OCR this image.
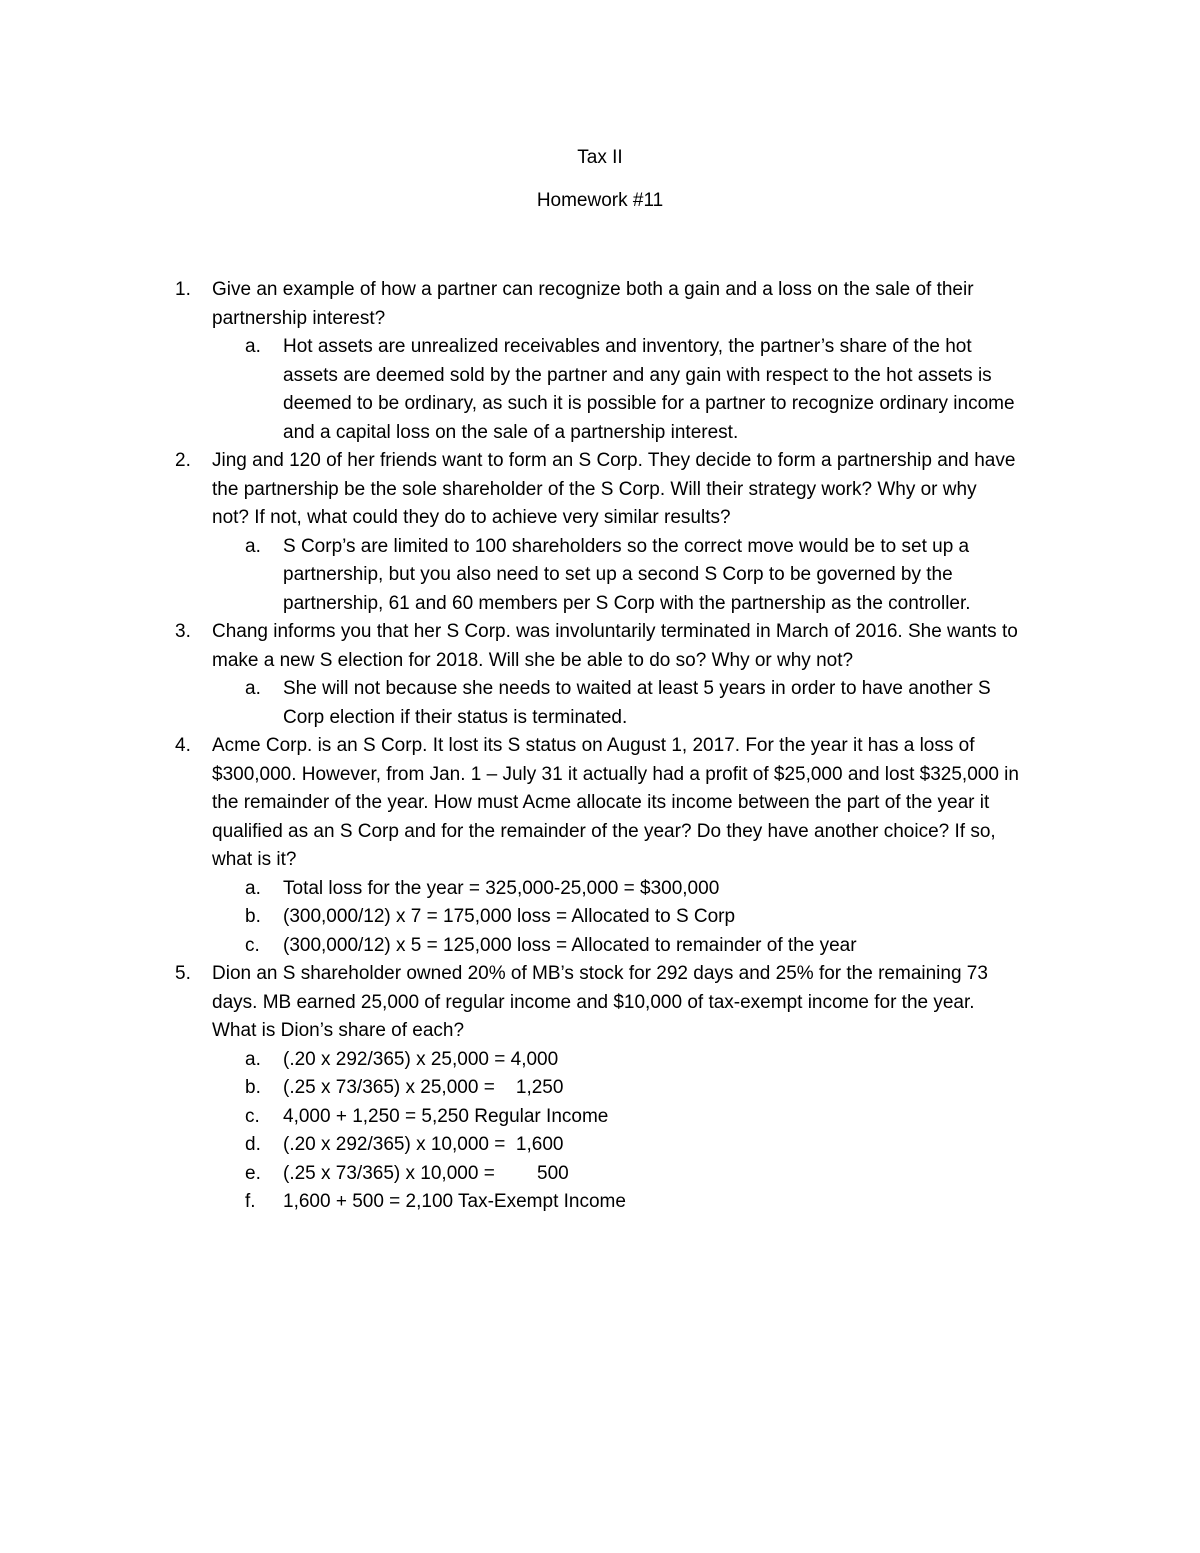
Tax II
Homework #11
1. Give an example of how a partner can recognize both a gain and a loss on the sale of their
partnership interest?
a. Hot assets are unrealized receivables and inventory, the partner’s share of the hot
assets are deemed sold by the partner and any gain with respect to the hot assets is
deemed to be ordinary, as such it is possible for a partner to recognize ordinary income
and a capital loss on the sale of a partnership interest.
2. Jing and 120 of her friends want to form an S Corp. They decide to form a partnership and have
the partnership be the sole shareholder of the S Corp. Will their strategy work? Why or why
not? If not, what could they do to achieve very similar results?
a. S Corp’s are limited to 100 shareholders so the correct move would be to set up a
partnership, but you also need to set up a second S Corp to be governed by the
partnership, 61 and 60 members per S Corp with the partnership as the controller.
3. Chang informs you that her S Corp. was involuntarily terminated in March of 2016. She wants to
make a new S election for 2018. Will she be able to do so? Why or why not?
a. She will not because she needs to waited at least 5 years in order to have another S
Corp election if their status is terminated.
4. Acme Corp. is an S Corp. It lost its S status on August 1, 2017. For the year it has a loss of
$300,000. However, from Jan. 1 – July 31 it actually had a profit of $25,000 and lost $325,000 in
the remainder of the year. How must Acme allocate its income between the part of the year it
qualified as an S Corp and for the remainder of the year? Do they have another choice? If so,
what is it?
a. Total loss for the year = 325,000-25,000 = $300,000
b. (300,000/12) x 7 = 175,000 loss = Allocated to S Corp
c. (300,000/12) x 5 = 125,000 loss = Allocated to remainder of the year
5. Dion an S shareholder owned 20% of MB’s stock for 292 days and 25% for the remaining 73
days. MB earned 25,000 of regular income and $10,000 of tax-exempt income for the year.
What is Dion’s share of each?
a. (.20 x 292/365) x 25,000 = 4,000
b. (.25 x 73/365) x 25,000 =    1,250
c. 4,000 + 1,250 = 5,250 Regular Income
d. (.20 x 292/365) x 10,000 =  1,600
e. (.25 x 73/365) x 10,000 =        500
f. 1,600 + 500 = 2,100 Tax-Exempt Income
